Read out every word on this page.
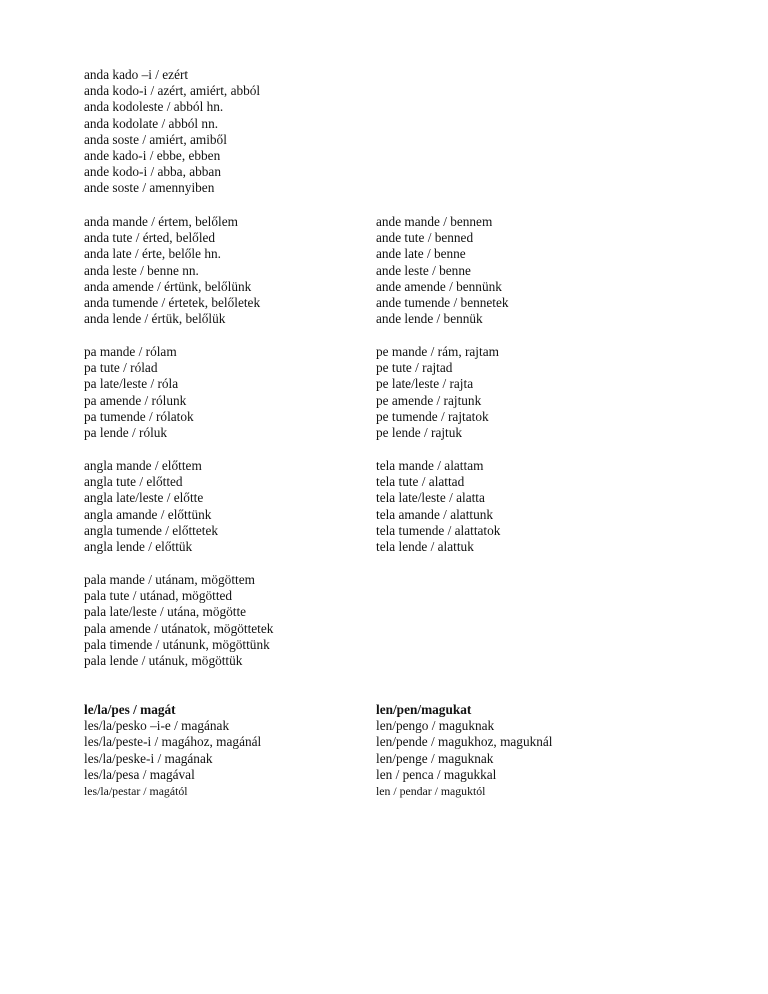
anda kado –i / ezért
anda kodo-i / azért, amiért, abból
anda kodoleste / abból hn.
anda kodolate / abból nn.
anda soste / amiért, amiből
ande kado-i / ebbe, ebben
ande kodo-i / abba, abban
ande soste / amennyiben
anda mande / értem, belőlem	ande mande / bennem
anda tute / érted, belőled	ande tute / benned
anda late / érte, belőle hn.	ande late / benne
anda leste / benne nn.	ande leste / benne
anda amende / értünk, belőlünk	ande amende / bennünk
anda tumende / értetek, belőletek	ande tumende / bennetek
anda lende / értük, belőlük	ande lende / bennük
pa mande / rólam	pe mande / rám, rajtam
pa tute / rólad	pe tute / rajtad
pa late/leste / róla	pe late/leste / rajta
pa amende / rólunk	pe amende / rajtunk
pa tumende / rólatok	pe tumende / rajtatok
pa lende / róluk	pe lende / rajtuk
angla mande / előttem	tela mande / alattam
angla tute / előtted	tela tute / alattad
angla late/leste / előtte	tela late/leste / alatta
angla amande / előttünk	tela amande / alattunk
angla tumende / előttetek	tela tumende / alattatok
angla lende / előttük	tela lende / alattuk
pala mande / utánam, mögöttem
pala tute / utánad, mögötted
pala late/leste / utána, mögötte
pala amende / utánatok, mögöttetek
pala timende / utánunk, mögöttünk
pala lende / utánuk, mögöttük
le/la/pes / magát	len/pen/magukat
les/la/pesko –i-e / magának	len/pengo / maguknak
les/la/peste-i / magához, magánál	len/pende / magukhoz, maguknál
les/la/peske-i / magának	len/penge / maguknak
les/la/pesa / magával	len / penca / magukkal
les/la/pestar / magától	len / pendar / maguktól
